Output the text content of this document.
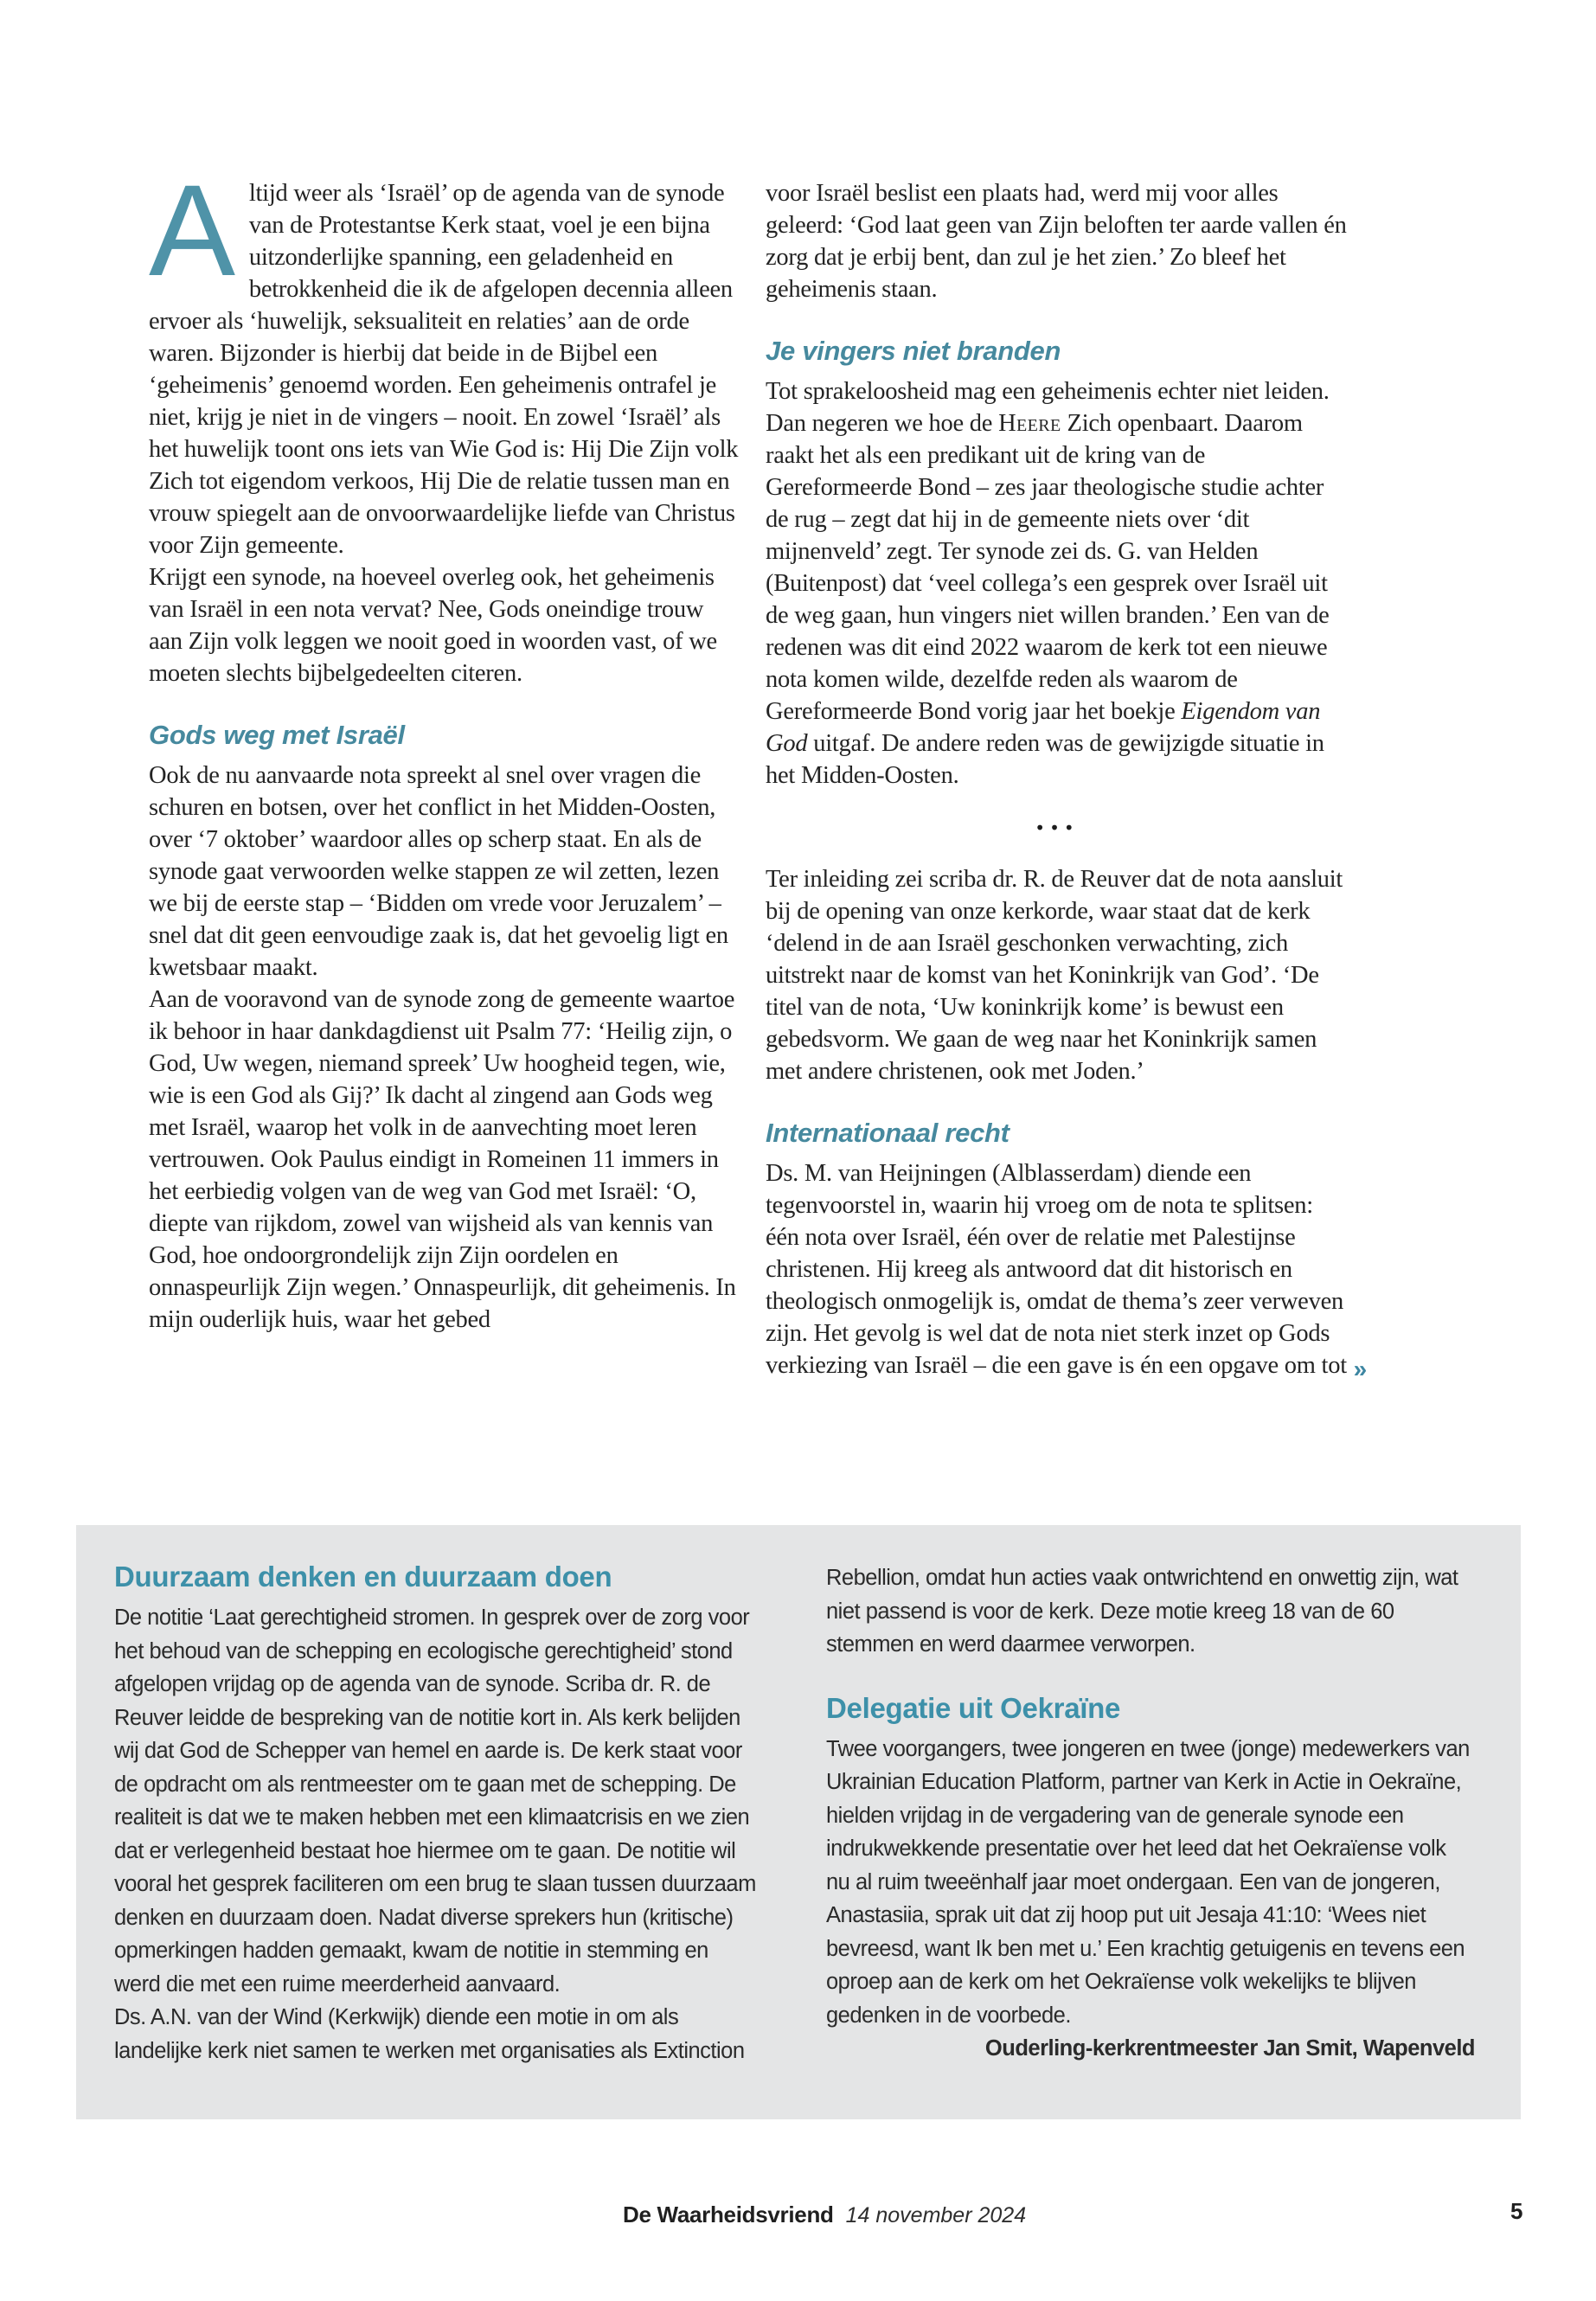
Altijd weer als ‘Israël’ op de agenda van de synode van de Protestantse Kerk staat, voel je een bijna uitzonderlijke spanning, een geladenheid en betrokkenheid die ik de afgelopen decennia alleen ervoer als ‘huwelijk, seksualiteit en relaties’ aan de orde waren. Bijzonder is hierbij dat beide in de Bijbel een ‘geheimenis’ genoemd worden. Een geheimenis ontrafel je niet, krijg je niet in de vingers – nooit. En zowel ‘Israël’ als het huwelijk toont ons iets van Wie God is: Hij Die Zijn volk Zich tot eigendom verkoos, Hij Die de relatie tussen man en vrouw spiegelt aan de onvoorwaardelijke liefde van Christus voor Zijn gemeente.

Krijgt een synode, na hoeveel overleg ook, het geheimenis van Israël in een nota vervat? Nee, Gods oneindige trouw aan Zijn volk leggen we nooit goed in woorden vast, of we moeten slechts bijbelgedeelten citeren.

Gods weg met Israël

Ook de nu aanvaarde nota spreekt al snel over vragen die schuren en botsen, over het conflict in het Midden-Oosten, over ‘7 oktober’ waardoor alles op scherp staat. En als de synode gaat verwoorden welke stappen ze wil zetten, lezen we bij de eerste stap – ‘Bidden om vrede voor Jeruzalem’ – snel dat dit geen eenvoudige zaak is, dat het gevoelig ligt en kwetsbaar maakt.

Aan de vooravond van de synode zong de gemeente waartoe ik behoor in haar dankdagdienst uit Psalm 77: ‘Heilig zijn, o God, Uw wegen, niemand spreek’ Uw hoogheid tegen, wie, wie is een God als Gij?’ Ik dacht al zingend aan Gods weg met Israël, waarop het volk in de aanvechting moet leren vertrouwen. Ook Paulus eindigt in Romeinen 11 immers in het eerbiedig volgen van de weg van God met Israël: ‘O, diepte van rijkdom, zowel van wijsheid als van kennis van God, hoe ondoorgrondelijk zijn Zijn oordelen en onnaspeurlijk Zijn wegen.’ Onnaspeurlijk, dit geheimenis. In mijn ouderlijk huis, waar het gebed

voor Israël beslist een plaats had, werd mij voor alles geleerd: ‘God laat geen van Zijn beloften ter aarde vallen én zorg dat je erbij bent, dan zul je het zien.’ Zo bleef het geheimenis staan.

Je vingers niet branden

Tot sprakeloosheid mag een geheimenis echter niet leiden. Dan negeren we hoe de Heere Zich openbaart. Daarom raakt het als een predikant uit de kring van de Gereformeerde Bond – zes jaar theologische studie achter de rug – zegt dat hij in de gemeente niets over ‘dit mijnenveld’ zegt. Ter synode zei ds. G. van Helden (Buitenpost) dat ‘veel collega’s een gesprek over Israël uit de weg gaan, hun vingers niet willen branden.’ Een van de redenen was dit eind 2022 waarom de kerk tot een nieuwe nota komen wilde, dezelfde reden als waarom de Gereformeerde Bond vorig jaar het boekje Eigendom van God uitgaf. De andere reden was de gewijzigde situatie in het Midden-Oosten.

•••

Ter inleiding zei scriba dr. R. de Reuver dat de nota aansluit bij de opening van onze kerkorde, waar staat dat de kerk ‘delend in de aan Israël geschonken verwachting, zich uitstrekt naar de komst van het Koninkrijk van God’. ‘De titel van de nota, ‘Uw koninkrijk kome’ is bewust een gebedsvorm. We gaan de weg naar het Koninkrijk samen met andere christenen, ook met Joden.’

Internationaal recht

Ds. M. van Heijningen (Alblasserdam) diende een tegenvoorstel in, waarin hij vroeg om de nota te splitsen: één nota over Israël, één over de relatie met Palestijnse christenen. Hij kreeg als antwoord dat dit historisch en theologisch onmogelijk is, omdat de thema’s zeer verweven zijn. Het gevolg is wel dat de nota niet sterk inzet op Gods verkiezing van Israël – die een gave is én een opgave om tot »

Duurzaam denken en duurzaam doen

De notitie ‘Laat gerechtigheid stromen. In gesprek over de zorg voor het behoud van de schepping en ecologische gerechtigheid’ stond afgelopen vrijdag op de agenda van de synode. Scriba dr. R. de Reuver leidde de bespreking van de notitie kort in. Als kerk belijden wij dat God de Schepper van hemel en aarde is. De kerk staat voor de opdracht om als rentmeester om te gaan met de schepping. De realiteit is dat we te maken hebben met een klimaatcrisis en we zien dat er verlegenheid bestaat hoe hiermee om te gaan. De notitie wil vooral het gesprek faciliteren om een brug te slaan tussen duurzaam denken en duurzaam doen. Nadat diverse sprekers hun (kritische) opmerkingen hadden gemaakt, kwam de notitie in stemming en werd die met een ruime meerderheid aanvaard.

Ds. A.N. van der Wind (Kerkwijk) diende een motie in om als landelijke kerk niet samen te werken met organisaties als Extinction

Rebellion, omdat hun acties vaak ontwrichtend en onwettig zijn, wat niet passend is voor de kerk. Deze motie kreeg 18 van de 60 stemmen en werd daarmee verworpen.

Delegatie uit Oekraïne

Twee voorgangers, twee jongeren en twee (jonge) medewerkers van Ukrainian Education Platform, partner van Kerk in Actie in Oekraïne, hielden vrijdag in de vergadering van de generale synode een indrukwekkende presentatie over het leed dat het Oekraïense volk nu al ruim tweeënhalf jaar moet ondergaan. Een van de jongeren, Anastasiia, sprak uit dat zij hoop put uit Jesaja 41:10: ‘Wees niet bevreesd, want Ik ben met u.’ Een krachtig getuigenis en tevens een oproep aan de kerk om het Oekraïense volk wekelijks te blijven gedenken in de voorbede.

Ouderling-kerkrentmeester Jan Smit, Wapenveld

De Waarheidsvriend 14 november 2024	5
